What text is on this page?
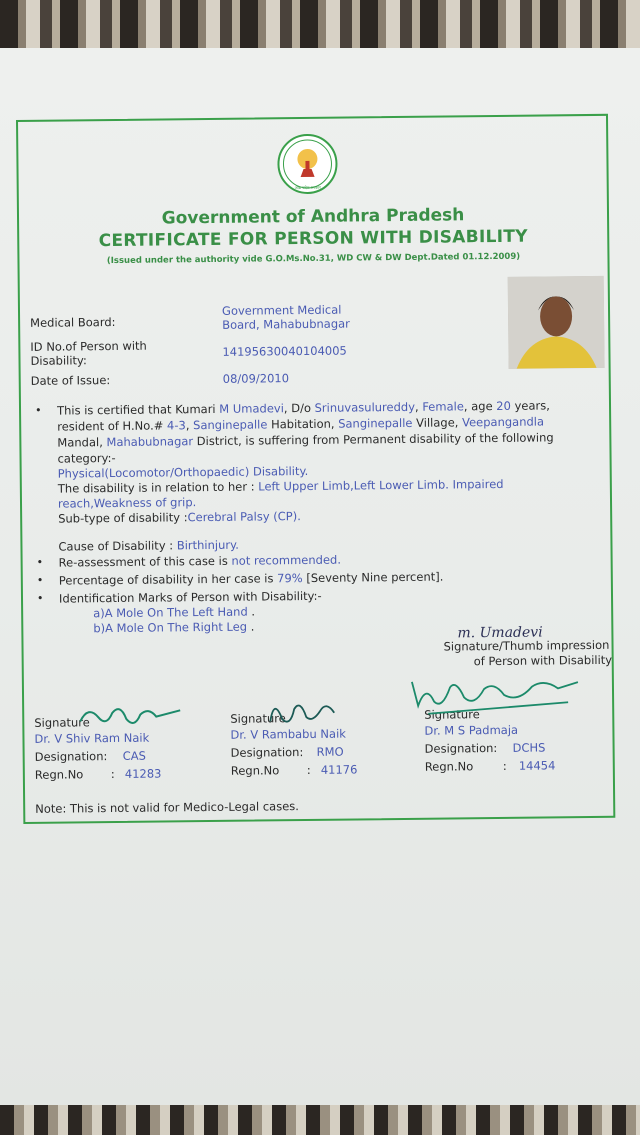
आंध्र प्रदेश सरकार
Government of Andhra Pradesh
CERTIFICATE FOR PERSON WITH DISABILITY
(Issued under the authority vide G.O.Ms.No.31, WD CW & DW Dept.Dated 01.12.2009)
Medical Board:
Government Medical
Board, Mahabubnagar
ID No.of Person with
Disability:
14195630040104005
Date of Issue:	08/09/2010
• This is certified that Kumari M Umadevi, D/o Srinuvasulureddy, Female, age 20 years,
resident of H.No.# 4-3, Sanginepalle Habitation, Sanginepalle Village, Veepangandla
Mandal, Mahabubnagar District, is suffering from Permanent disability of the following
category:-
Physical(Locomotor/Orthopaedic) Disability.
The disability is in relation to her : Left Upper Limb,Left Lower Limb. Impaired
reach,Weakness of grip.
Sub-type of disability :Cerebral Palsy (CP).
Cause of Disability : Birthinjury.
• Re-assessment of this case is not recommended.
• Percentage of disability in her case is 79% [Seventy Nine percent].
• Identification Marks of Person with Disability:-
a)A Mole On The Left Hand .
b)A Mole On The Right Leg .	m. Umadevi
Signature/Thumb impression
of Person with Disability
Signature
Dr. V Shiv Ram Naik
Designation: CAS
Regn.No : 41283
Signature
Dr. V Rambabu Naik
Designation: RMO
Regn.No : 41176
Signature
Dr. M S Padmaja
Designation: DCHS
Regn.No	: 14454
Note: This is not valid for Medico-Legal cases.
